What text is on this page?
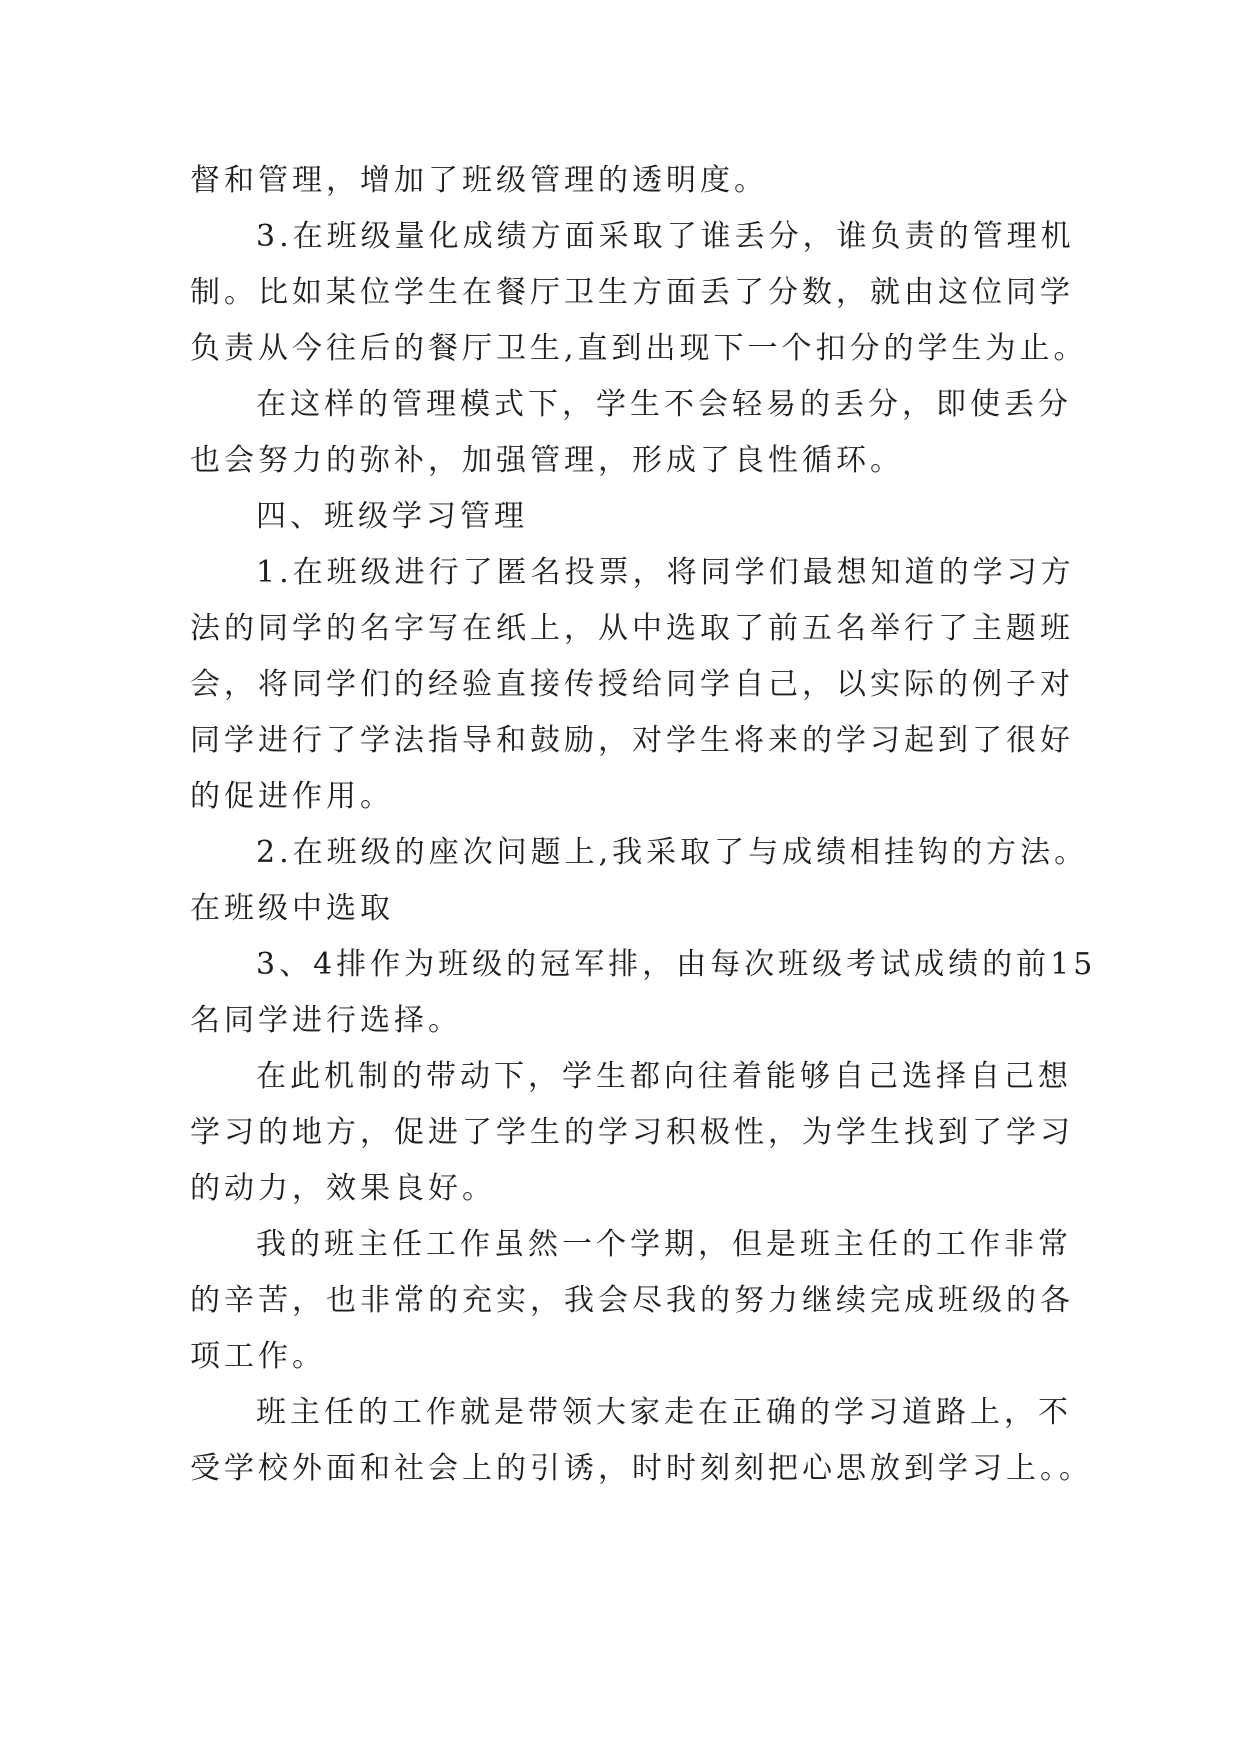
督和管理，增加了班级管理的透明度。
3.在班级量化成绩方面采取了谁丢分，谁负责的管理机
制。比如某位学生在餐厅卫生方面丢了分数，就由这位同学
负责从今往后的餐厅卫生,直到出现下一个扣分的学生为止。
在这样的管理模式下，学生不会轻易的丢分，即使丢分
也会努力的弥补，加强管理，形成了良性循环。
四、班级学习管理
1.在班级进行了匿名投票，将同学们最想知道的学习方
法的同学的名字写在纸上，从中选取了前五名举行了主题班
会，将同学们的经验直接传授给同学自己，以实际的例子对
同学进行了学法指导和鼓励，对学生将来的学习起到了很好
的促进作用。
2.在班级的座次问题上,我采取了与成绩相挂钩的方法。
在班级中选取
3、4排作为班级的冠军排，由每次班级考试成绩的前15
名同学进行选择。
在此机制的带动下，学生都向往着能够自己选择自己想
学习的地方，促进了学生的学习积极性，为学生找到了学习
的动力，效果良好。
我的班主任工作虽然一个学期，但是班主任的工作非常
的辛苦，也非常的充实，我会尽我的努力继续完成班级的各
项工作。
班主任的工作就是带领大家走在正确的学习道路上，不
受学校外面和社会上的引诱，时时刻刻把心思放到学习上。。
